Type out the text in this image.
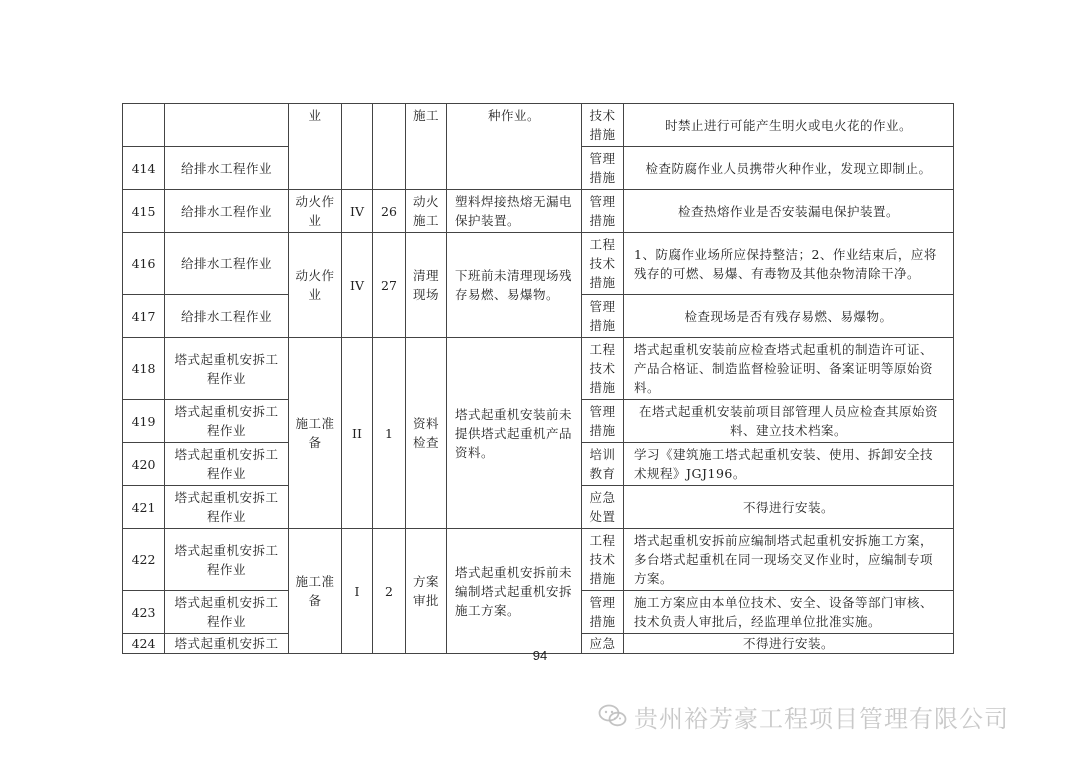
		业			施工	种作业。	技术措施	时禁止进行可能产生明火或电火花的作业。
414	给排水工程作业						管理措施	检查防腐作业人员携带火种作业，发现立即制止。
415	给排水工程作业	动火作业	IV	26	动火施工	塑料焊接热熔无漏电保护装置。	管理措施	检查热熔作业是否安装漏电保护装置。
416	给排水工程作业	动火作业	IV	27	清理现场	下班前未清理现场残存易燃、易爆物。	工程技术措施	1、防腐作业场所应保持整洁；2、作业结束后，应将残存的可燃、易爆、有毒物及其他杂物清除干净。
417	给排水工程作业						管理措施	检查现场是否有残存易燃、易爆物。
418	塔式起重机安拆工程作业	施工准备	II	1	资料检查	塔式起重机安装前未提供塔式起重机产品资料。	工程技术措施	塔式起重机安装前应检查塔式起重机的制造许可证、产品合格证、制造监督检验证明、备案证明等原始资料。
419	塔式起重机安拆工程作业						管理措施	在塔式起重机安装前项目部管理人员应检查其原始资料、建立技术档案。
420	塔式起重机安拆工程作业						培训教育	学习《建筑施工塔式起重机安装、使用、拆卸安全技术规程》JGJ196。
421	塔式起重机安拆工程作业						应急处置	不得进行安装。
422	塔式起重机安拆工程作业	施工准备	I	2	方案审批	塔式起重机安拆前未编制塔式起重机安拆施工方案。	工程技术措施	塔式起重机安拆前应编制塔式起重机安拆施工方案，多台塔式起重机在同一现场交叉作业时，应编制专项方案。
423	塔式起重机安拆工程作业						管理措施	施工方案应由本单位技术、安全、设备等部门审核、技术负责人审批后，经监理单位批准实施。
424	塔式起重机安拆工						应急	不得进行安装。
94
贵州裕芳豪工程项目管理有限公司
